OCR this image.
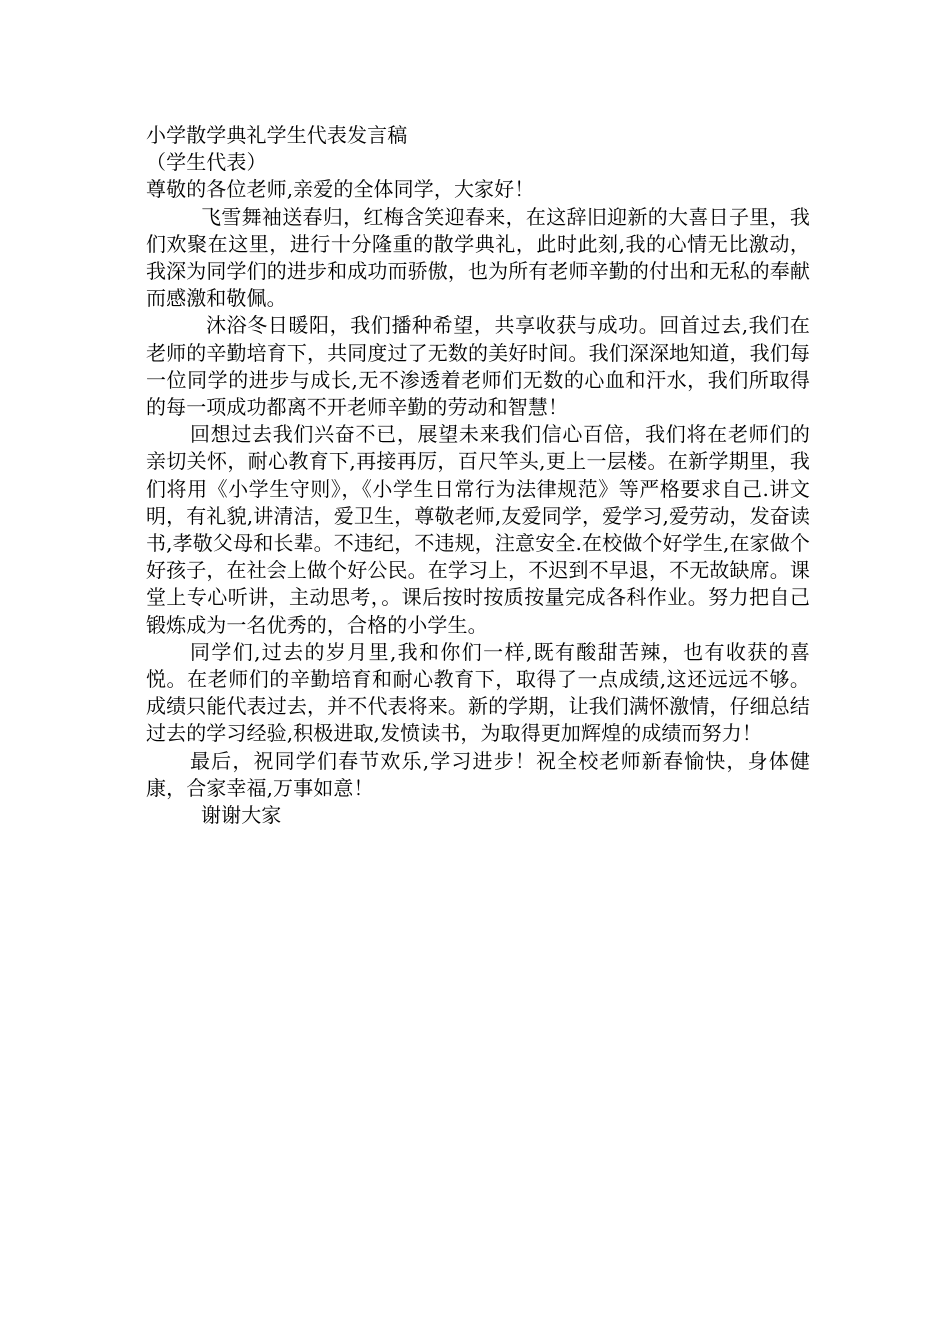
小学散学典礼学生代表发言稿

（学生代表）

尊敬的各位老师,亲爱的全体同学，大家好！

飞雪舞袖送春归，红梅含笑迎春来，在这辞旧迎新的大喜日子里，我们欢聚在这里，进行十分隆重的散学典礼，此时此刻,我的心情无比激动，我深为同学们的进步和成功而骄傲，也为所有老师辛勤的付出和无私的奉献而感激和敬佩。

沐浴冬日暖阳，我们播种希望，共享收获与成功。回首过去,我们在老师的辛勤培育下，共同度过了无数的美好时间。我们深深地知道，我们每一位同学的进步与成长,无不渗透着老师们无数的心血和汗水，我们所取得的每一项成功都离不开老师辛勤的劳动和智慧！

回想过去我们兴奋不已，展望未来我们信心百倍，我们将在老师们的亲切关怀，耐心教育下,再接再厉，百尺竿头,更上一层楼。在新学期里，我们将用《小学生守则》，《小学生日常行为法律规范》等严格要求自己.讲文明，有礼貌,讲清洁，爱卫生，尊敬老师,友爱同学，爱学习,爱劳动，发奋读书,孝敬父母和长辈。不违纪，不违规，注意安全.在校做个好学生,在家做个好孩子，在社会上做个好公民。在学习上，不迟到不早退，不无故缺席。课堂上专心听讲，主动思考，。课后按时按质按量完成各科作业。努力把自己锻炼成为一名优秀的，合格的小学生。

同学们,过去的岁月里,我和你们一样,既有酸甜苦辣，也有收获的喜悦。在老师们的辛勤培育和耐心教育下，取得了一点成绩,这还远远不够。成绩只能代表过去，并不代表将来。新的学期，让我们满怀激情，仔细总结过去的学习经验,积极进取,发愤读书，为取得更加辉煌的成绩而努力！

最后，祝同学们春节欢乐,学习进步！祝全校老师新春愉快，身体健康，合家幸福,万事如意！

谢谢大家
